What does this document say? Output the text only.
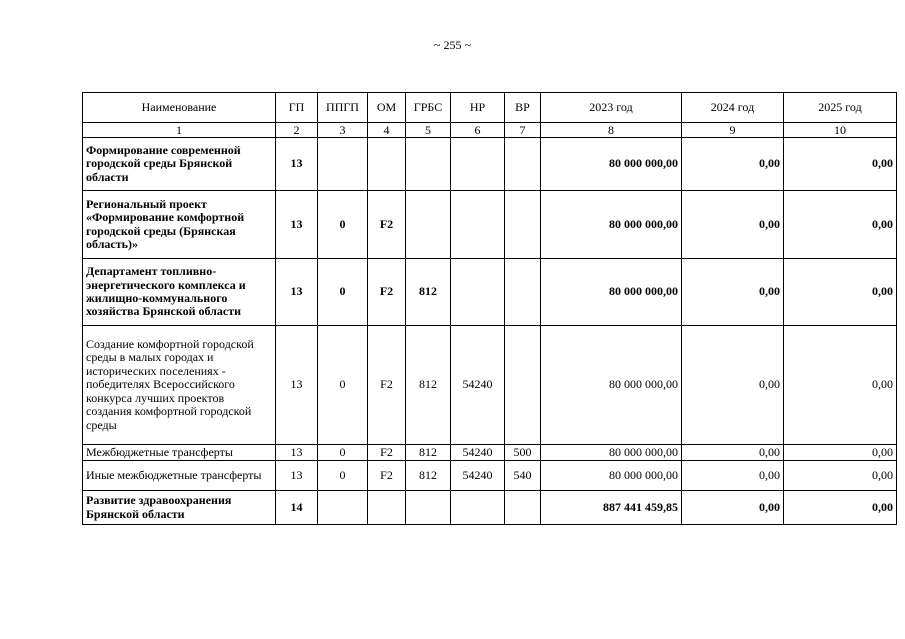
~ 255 ~
Наименование	ГП	ППГП	ОМ	ГРБС	НР	ВР	2023 год	2024 год	2025 год
1	2	3	4	5	6	7	8	9	10
Формирование современной городской среды Брянской области	13						80 000 000,00	0,00	0,00
Региональный проект «Формирование комфортной городской среды (Брянская область)»	13	0	F2				80 000 000,00	0,00	0,00
Департамент топливно-энергетического комплекса и жилищно-коммунального хозяйства Брянской области	13	0	F2	812			80 000 000,00	0,00	0,00
Создание комфортной городской среды в малых городах и исторических поселениях - победителях Всероссийского конкурса лучших проектов создания комфортной городской среды	13	0	F2	812	54240		80 000 000,00	0,00	0,00
Межбюджетные трансферты	13	0	F2	812	54240	500	80 000 000,00	0,00	0,00
Иные межбюджетные трансферты	13	0	F2	812	54240	540	80 000 000,00	0,00	0,00
Развитие здравоохранения Брянской области	14						887 441 459,85	0,00	0,00
